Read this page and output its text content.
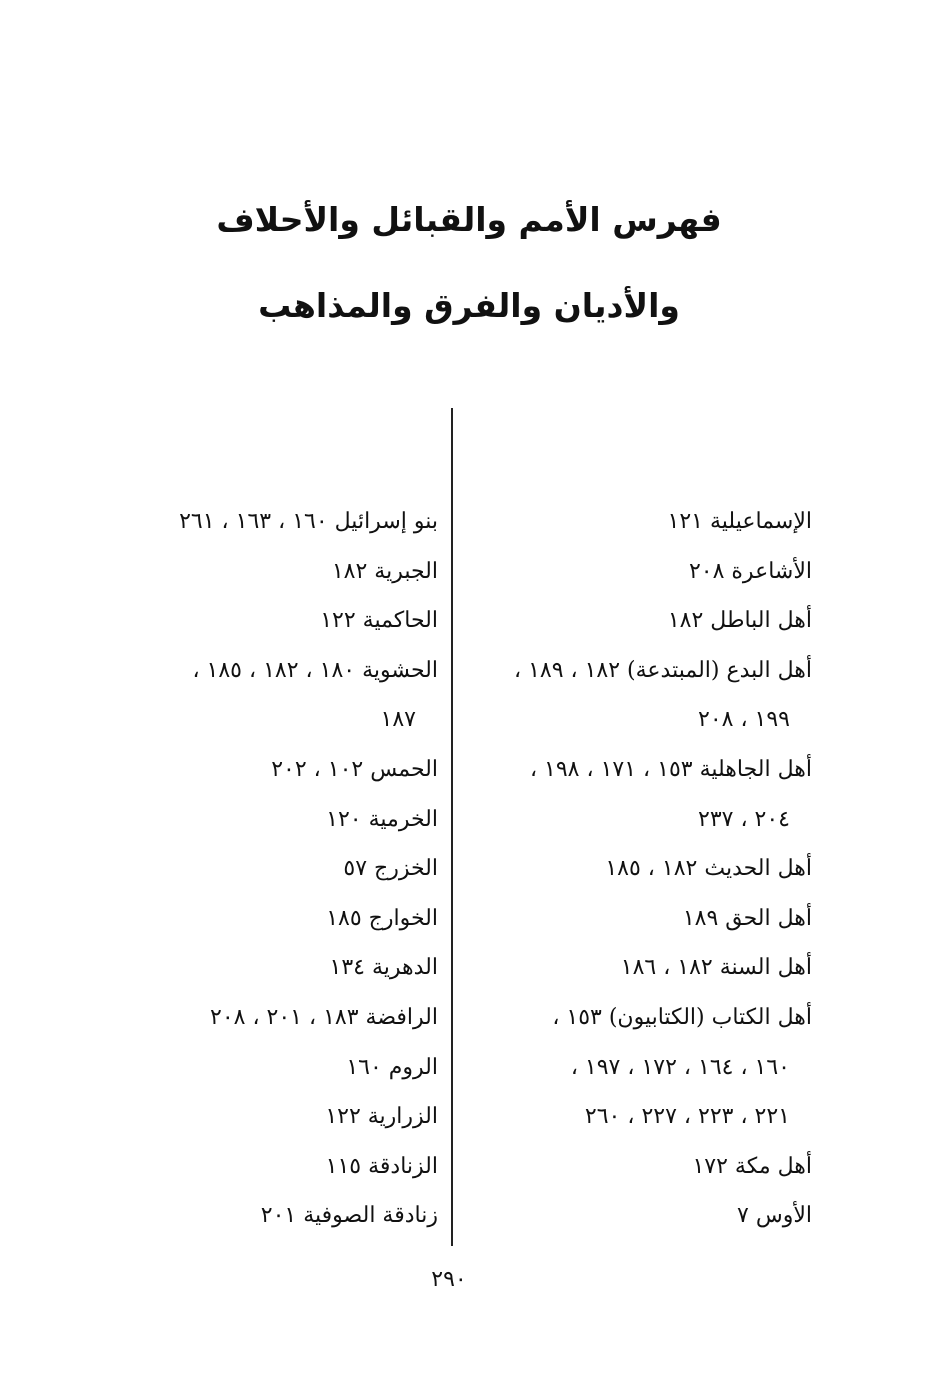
فهرس الأمم والقبائل والأحلاف
والأديان والفرق والمذاهب
الإسماعيلية ١٢١
الأشاعرة ٢٠٨
أهل الباطل ١٨٢
أهل البدع (المبتدعة) ١٨٢ ، ١٨٩ ،
١٩٩ ، ٢٠٨
أهل الجاهلية ١٥٣ ، ١٧١ ، ١٩٨ ،
٢٠٤ ، ٢٣٧
أهل الحديث ١٨٢ ، ١٨٥
أهل الحق ١٨٩
أهل السنة ١٨٢ ، ١٨٦
أهل الكتاب (الكتابيون) ١٥٣ ،
١٦٠ ، ١٦٤ ، ١٧٢ ، ١٩٧ ،
٢٢١ ، ٢٢٣ ، ٢٢٧ ، ٢٦٠
أهل مكة ١٧٢
الأوس ٧
بنو إسرائيل ١٦٠ ، ١٦٣ ، ٢٦١
الجبرية ١٨٢
الحاكمية ١٢٢
الحشوية ١٨٠ ، ١٨٢ ، ١٨٥ ،
١٨٧
الحمس ١٠٢ ، ٢٠٢
الخرمية ١٢٠
الخزرج ٥٧
الخوارج ١٨٥
الدهرية ١٣٤
الرافضة ١٨٣ ، ٢٠١ ، ٢٠٨
الروم ١٦٠
الزرارية ١٢٢
الزنادقة ١١٥
زنادقة الصوفية ٢٠١
٢٩٠
